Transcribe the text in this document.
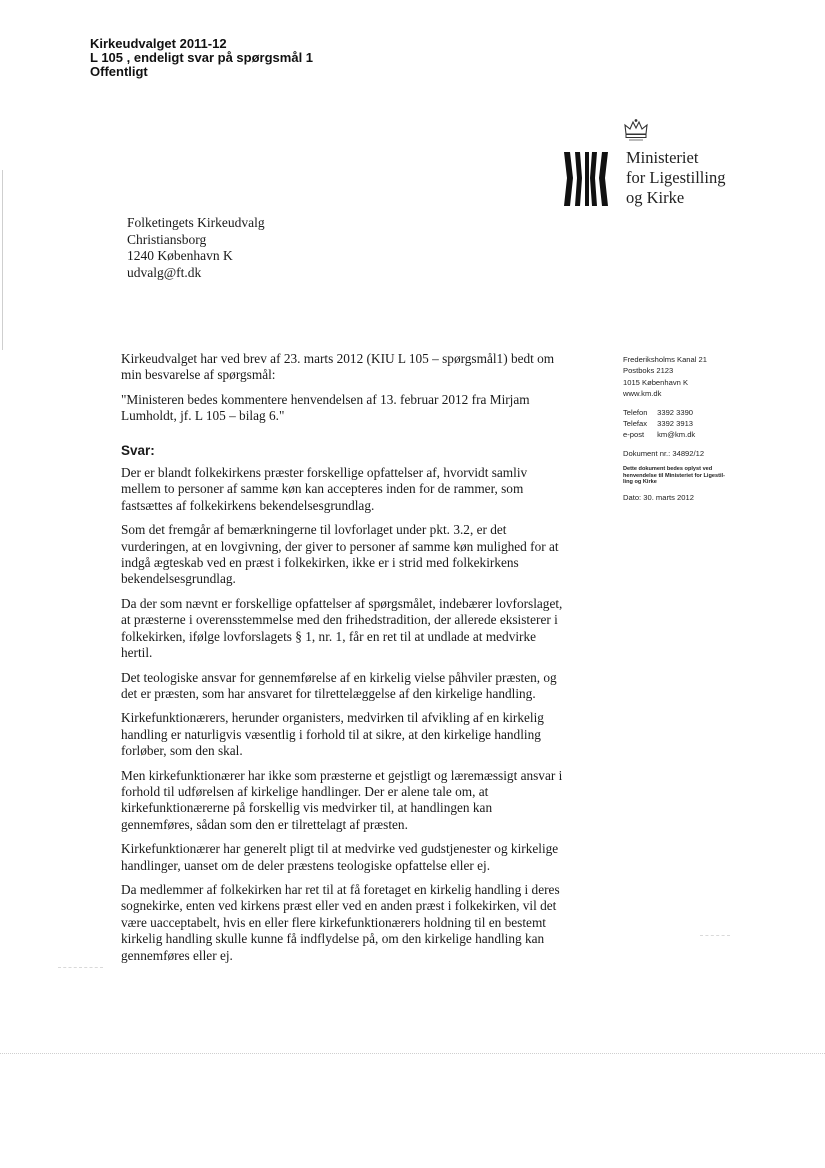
Kirkeudvalget 2011-12
L 105 , endeligt svar på spørgsmål 1
Offentligt
Ministeriet
for Ligestilling
og Kirke
Folketingets Kirkeudvalg
Christiansborg
1240 København K
udvalg@ft.dk

Kirkeudvalget har ved brev af 23. marts 2012 (KIU L 105 – spørgsmål1) bedt om min besvarelse af spørgsmål:

"Ministeren bedes kommentere henvendelsen af 13. februar 2012 fra Mirjam Lumholdt, jf. L 105 – bilag 6."

Svar:

Der er blandt folkekirkens præster forskellige opfattelser af, hvorvidt samliv mellem to personer af samme køn kan accepteres inden for de rammer, som fastsættes af folkekirkens bekendelsesgrundlag.

Som det fremgår af bemærkningerne til lovforlaget under pkt. 3.2, er det vurderingen, at en lovgivning, der giver to personer af samme køn mulighed for at indgå ægteskab ved en præst i folkekirken, ikke er i strid med folkekirkens bekendelsesgrundlag.

Da der som nævnt er forskellige opfattelser af spørgsmålet, indebærer lovforslaget, at præsterne i overensstemmelse med den frihedstradition, der allerede eksisterer i folkekirken, ifølge lovforslagets § 1, nr. 1, får en ret til at undlade at medvirke hertil.

Det teologiske ansvar for gennemførelse af en kirkelig vielse påhviler præsten, og det er præsten, som har ansvaret for tilrettelæggelse af den kirkelige handling.

Kirkefunktionærers, herunder organisters, medvirken til afvikling af en kirkelig handling er naturligvis væsentlig i forhold til at sikre, at den kirkelige handling forløber, som den skal.

Men kirkefunktionærer har ikke som præsterne et gejstligt og læremæssigt ansvar i forhold til udførelsen af kirkelige handlinger. Der er alene tale om, at kirkefunktionærerne på forskellig vis medvirker til, at handlingen kan gennemføres, sådan som den er tilrettelagt af præsten.

Kirkefunktionærer har generelt pligt til at medvirke ved gudstjenester og kirkelige handlinger, uanset om de deler præstens teologiske opfattelse eller ej.

Da medlemmer af folkekirken har ret til at få foretaget en kirkelig handling i deres sognekirke, enten ved kirkens præst eller ved en anden præst i folkekirken, vil det være uacceptabelt, hvis en eller flere kirkefunktionærers holdning til en bestemt kirkelig handling skulle kunne få indflydelse på, om den kirkelige handling kan gennemføres eller ej.

Frederiksholms Kanal 21
Postboks 2123
1015 København K
www.km.dk
Telefon 3392 3390
Telefax 3392 3913
e-post km@km.dk
Dokument nr.: 34892/12
Dette dokument bedes oplyst ved
henvendelse til Ministeriet for Ligestil-
ling og Kirke
Dato: 30. marts 2012
